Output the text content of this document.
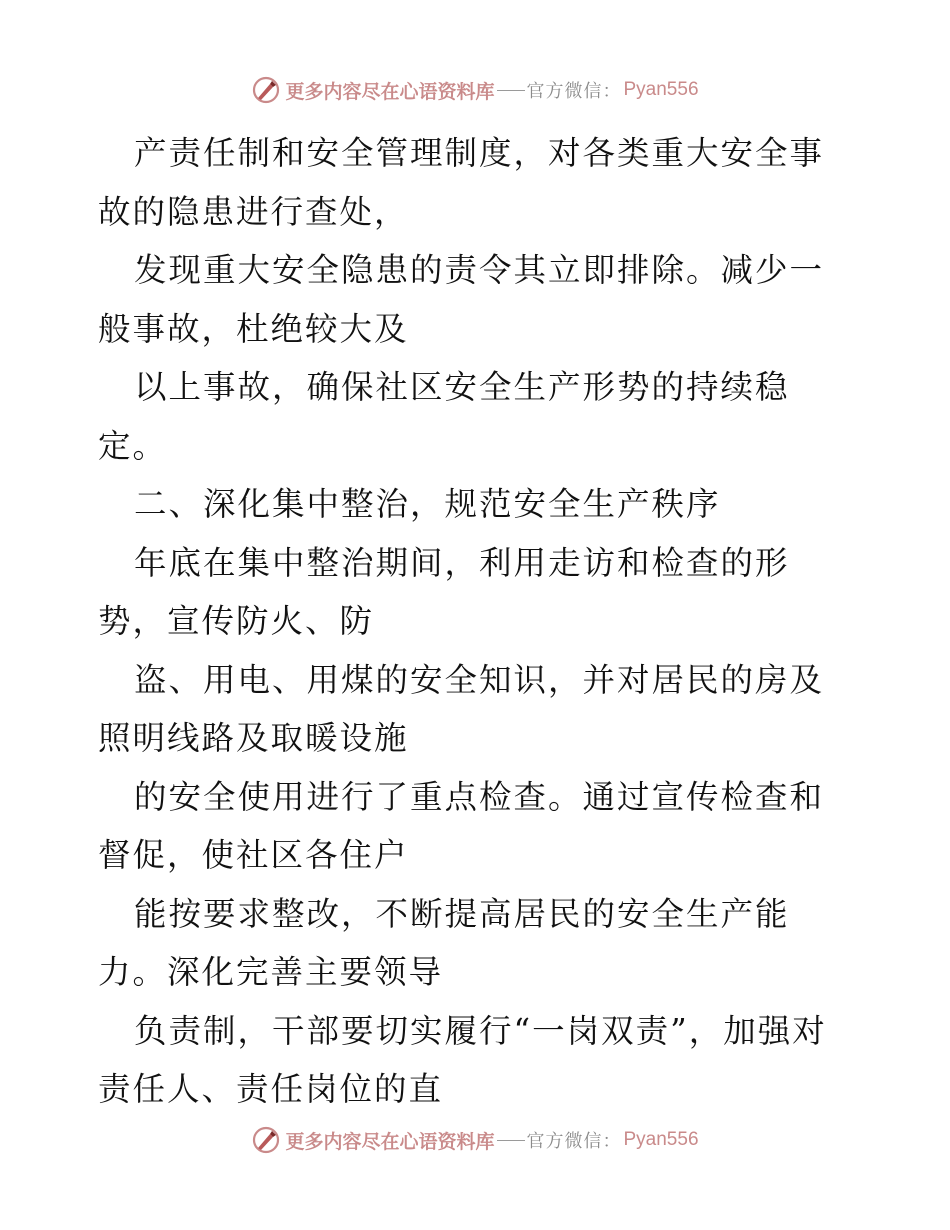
更多内容尽在心语资料库 官方微信： Pyan556

产责任制和安全管理制度，对各类重大安全事故的隐患进行查处，

发现重大安全隐患的责令其立即排除。减少一般事故，杜绝较大及

以上事故，确保社区安全生产形势的持续稳定。

二、深化集中整治，规范安全生产秩序

年底在集中整治期间，利用走访和检查的形势，宣传防火、防

盗、用电、用煤的安全知识，并对居民的房及照明线路及取暖设施

的安全使用进行了重点检查。通过宣传检查和督促，使社区各住户

能按要求整改，不断提高居民的安全生产能力。深化完善主要领导

负责制，干部要切实履行“一岗双责”，加强对责任人、责任岗位的直

更多内容尽在心语资料库 官方微信： Pyan556
